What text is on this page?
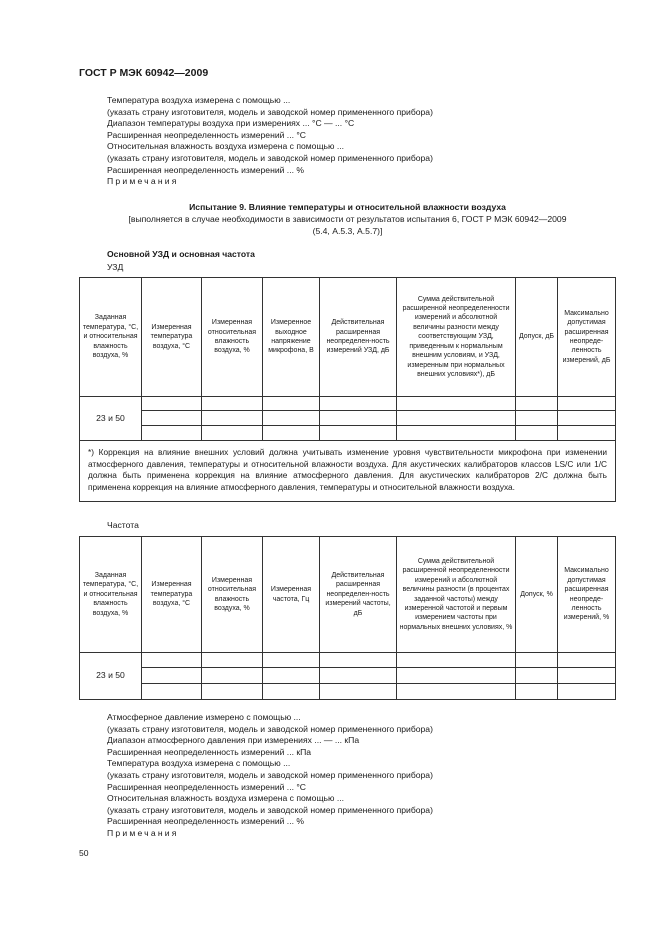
ГОСТ Р МЭК 60942—2009
Температура воздуха измерена с помощью ...
(указать страну изготовителя, модель и заводской номер примененного прибора)
Диапазон температуры воздуха при измерениях ... °С — ... °С
Расширенная неопределенность измерений ... °С
Относительная влажность воздуха измерена с помощью ...
(указать страну изготовителя, модель и заводской номер примененного прибора)
Расширенная неопределенность измерений ... %
Примечания
Испытание 9. Влияние температуры и относительной влажности воздуха
[выполняется в случае необходимости в зависимости от результатов испытания 6, ГОСТ Р МЭК 60942—2009
(5.4, А.5.3, А.5.7)]
Основной УЗД и основная частота
УЗД
Заданная температура, °С, и относительная влажность воздуха, %	Измеренная температура воздуха, °С	Измеренная относительная влажность воздуха, %	Измеренное выходное напряжение микрофона, В	Действительная расширенная неопределен-ность измерений УЗД, дБ	Сумма действительной расширенной неопределенности измерений и абсолютной величины разности между соответствующим УЗД, приведенным к нормальным внешним условиям, и УЗД, измеренным при нормальных внешних условиях*), дБ	Допуск, дБ	Максимально допустимая расширенная неопреде-ленность измерений, дБ
23 и 50							

*) Коррекция на влияние внешних условий должна учитывать изменение уровня чувствительности микрофона при изменении атмосферного давления, температуры и относительной влажности воздуха. Для акустических калибраторов классов LS/C или 1/C должна быть применена коррекция на влияние атмосферного давления. Для акустических калибраторов 2/C должна быть применена коррекция на влияние атмосферного давления, температуры и относительной влажности воздуха.							
Частота
Заданная температура, °С, и относительная влажность воздуха, %	Измеренная температура воздуха, °С	Измеренная относительная влажность воздуха, %	Измеренная частота, Гц	Действительная расширенная неопределен-ность измерений частоты, дБ	Сумма действительной расширенной неопределенности измерений и абсолютной величины разности (в процентах заданной частоты) между измеренной частотой и первым измерением частоты при нормальных внешних условиях, %	Допуск, %	Максимально допустимая расширенная неопреде-ленность измерений, %
23 и 50							

Атмосферное давление измерено с помощью ...
(указать страну изготовителя, модель и заводской номер примененного прибора)
Диапазон атмосферного давления при измерениях ... — ... кПа
Расширенная неопределенность измерений ... кПа
Температура воздуха измерена с помощью ...
(указать страну изготовителя, модель и заводской номер примененного прибора)
Расширенная неопределенность измерений ... °С
Относительная влажность воздуха измерена с помощью ...
(указать страну изготовителя, модель и заводской номер примененного прибора)
Расширенная неопределенность измерений ... %
Примечания
50
